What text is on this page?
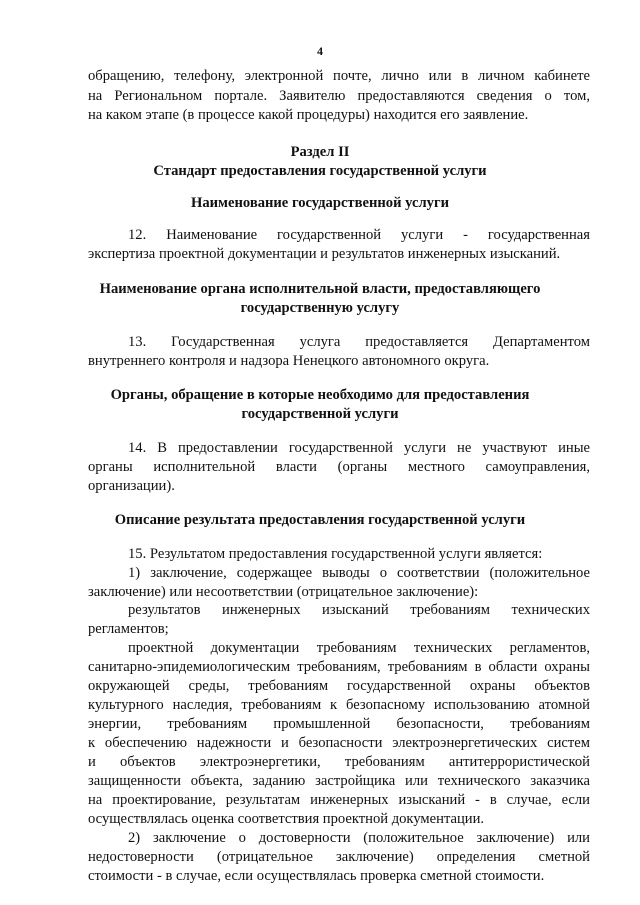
4
обращению, телефону, электронной почте, лично или в личном кабинете
на Региональном портале. Заявителю предоставляются сведения о том,
на каком этапе (в процессе какой процедуры) находится его заявление.
Раздел II
Стандарт предоставления государственной услуги
Наименование государственной услуги
12. Наименование государственной услуги - государственная
экспертиза проектной документации и результатов инженерных изысканий.
Наименование органа исполнительной власти, предоставляющего
государственную услугу
13. Государственная услуга предоставляется Департаментом
внутреннего контроля и надзора Ненецкого автономного округа.
Органы, обращение в которые необходимо для предоставления
государственной услуги
14. В предоставлении государственной услуги не участвуют иные
органы исполнительной власти (органы местного самоуправления,
организации).
Описание результата предоставления государственной услуги
15. Результатом предоставления государственной услуги является:
1) заключение, содержащее выводы о соответствии (положительное
заключение) или несоответствии (отрицательное заключение):
результатов инженерных изысканий требованиям технических
регламентов;
проектной документации требованиям технических регламентов,
санитарно-эпидемиологическим требованиям, требованиям в области охраны
окружающей среды, требованиям государственной охраны объектов
культурного наследия, требованиям к безопасному использованию атомной
энергии, требованиям промышленной безопасности, требованиям
к обеспечению надежности и безопасности электроэнергетических систем
и объектов электроэнергетики, требованиям антитеррористической
защищенности объекта, заданию застройщика или технического заказчика
на проектирование, результатам инженерных изысканий - в случае, если
осуществлялась оценка соответствия проектной документации.
2) заключение о достоверности (положительное заключение) или
недостоверности (отрицательное заключение) определения сметной
стоимости - в случае, если осуществлялась проверка сметной стоимости.
